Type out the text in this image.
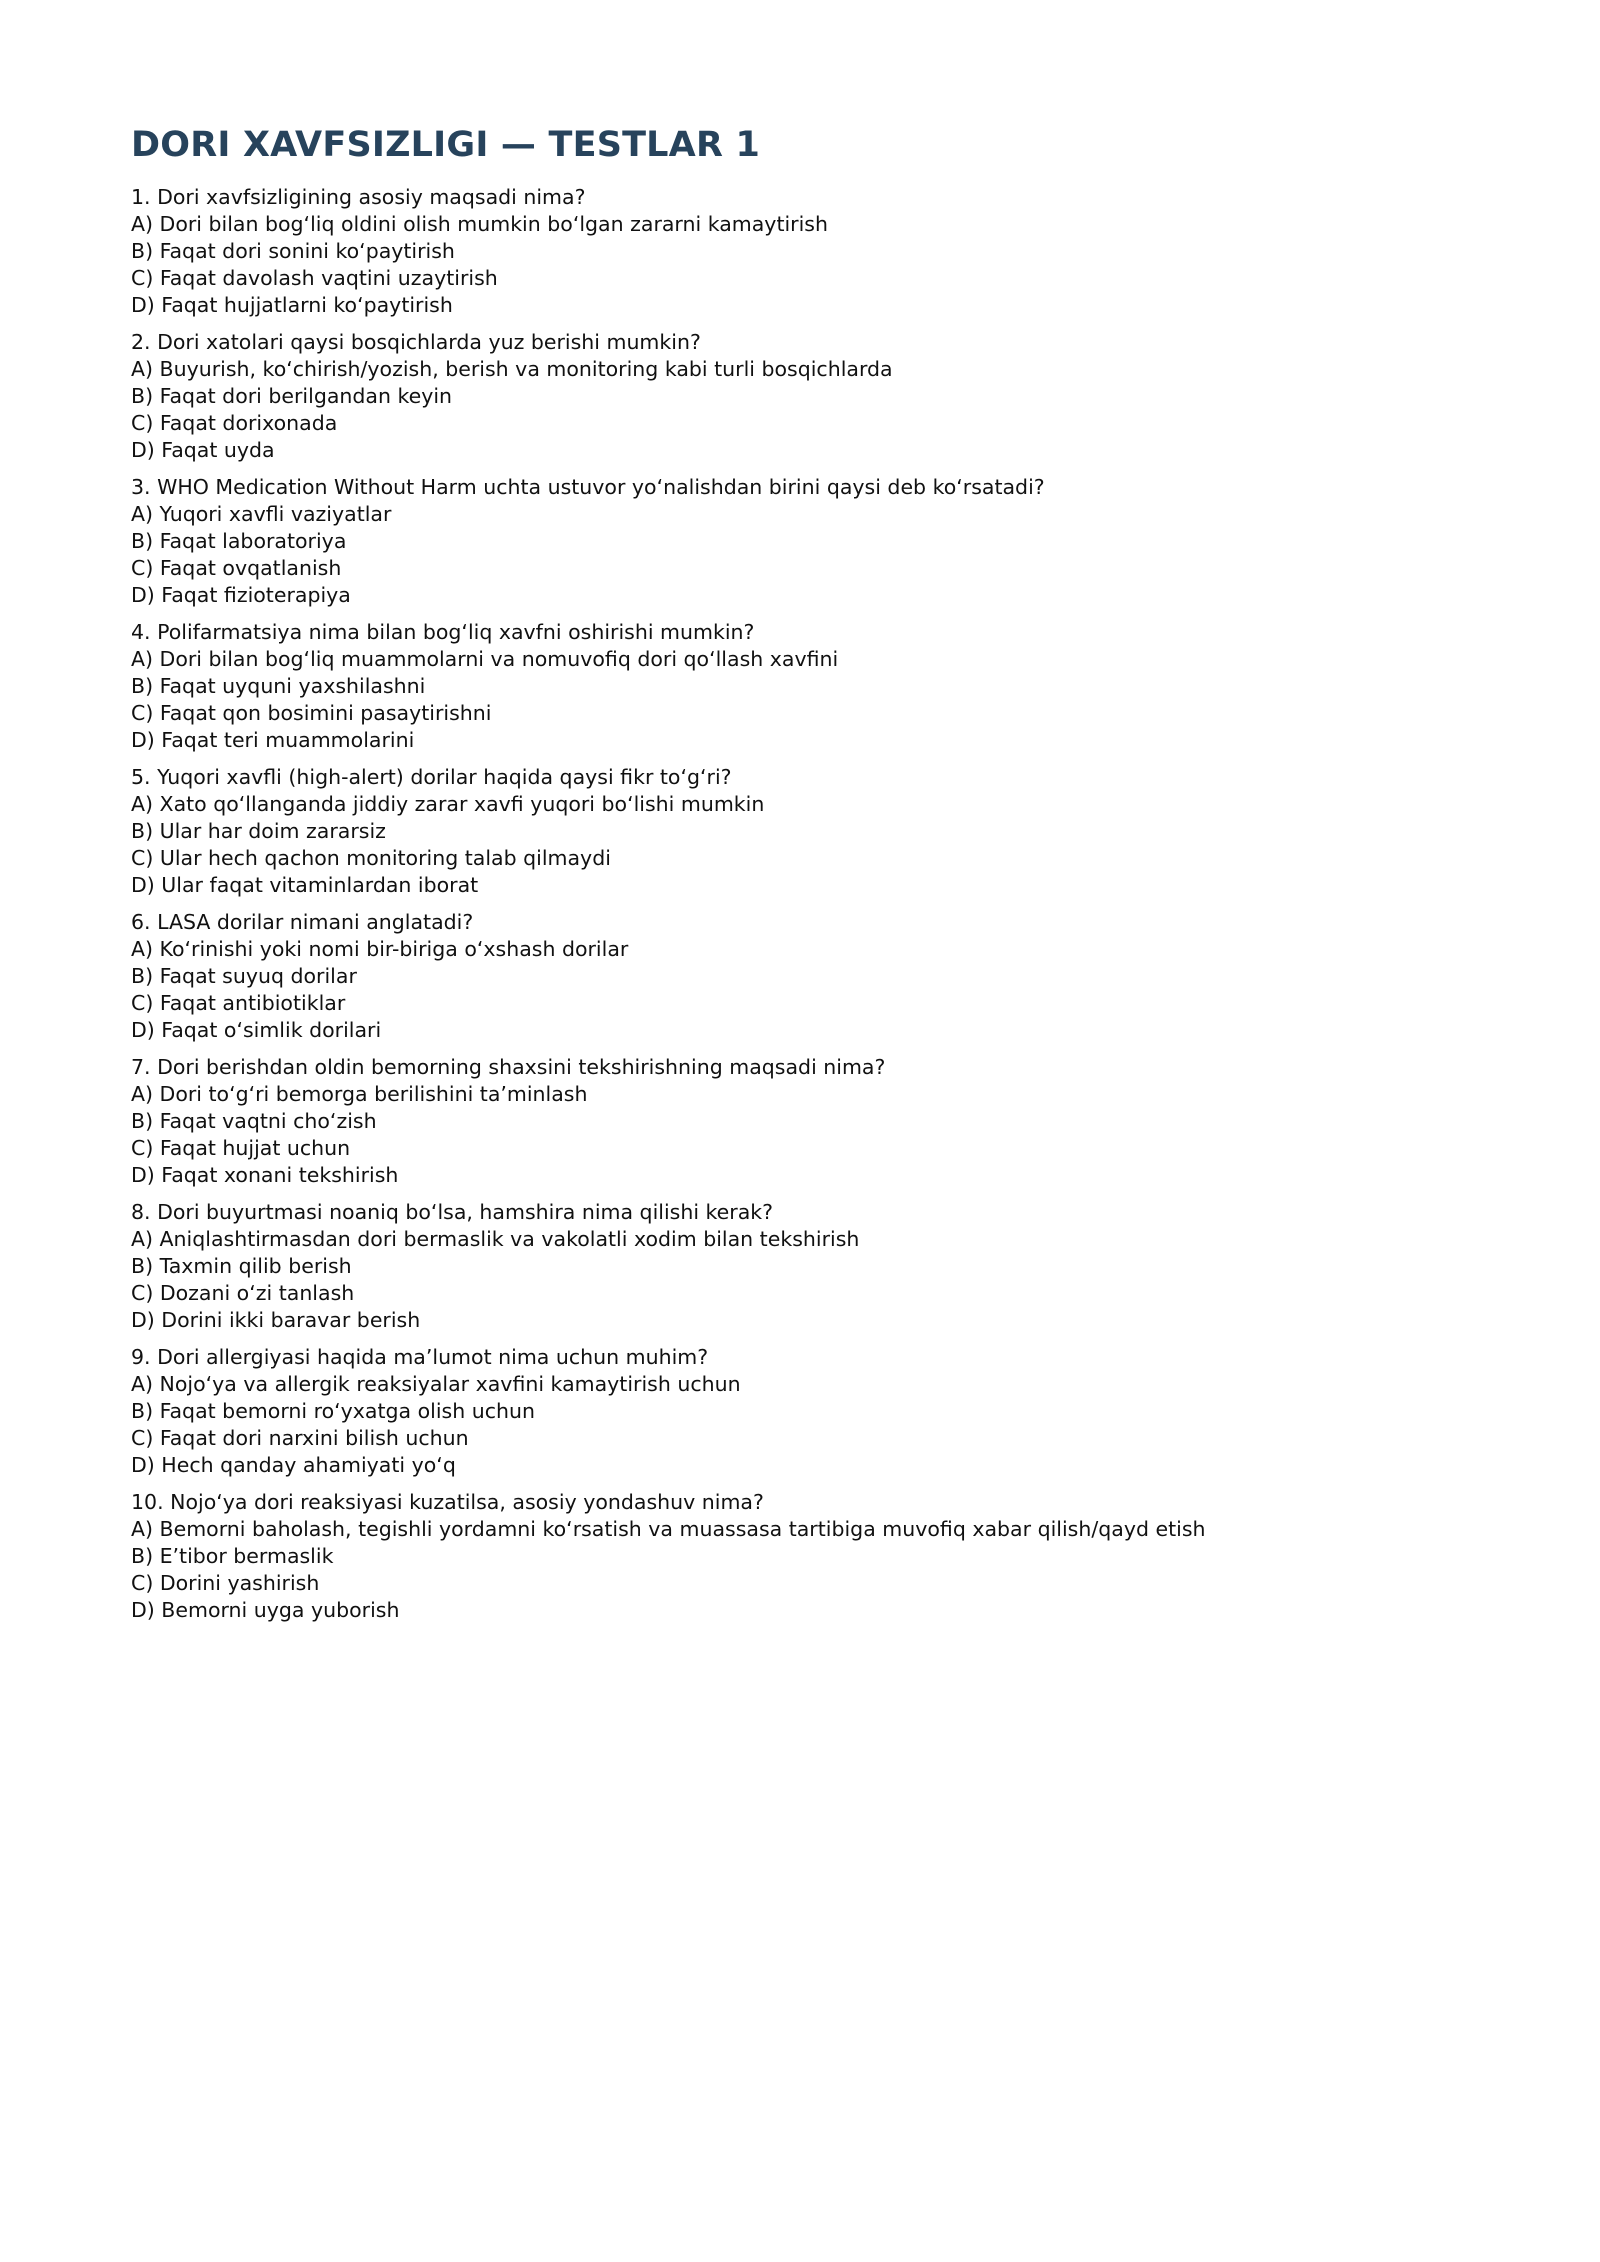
DORI XAVFSIZLIGI — TESTLAR 1
1. Dori xavfsizligining asosiy maqsadi nima?
A) Dori bilan bog‘liq oldini olish mumkin bo‘lgan zararni kamaytirish
B) Faqat dori sonini ko‘paytirish
C) Faqat davolash vaqtini uzaytirish
D) Faqat hujjatlarni ko‘paytirish
2. Dori xatolari qaysi bosqichlarda yuz berishi mumkin?
A) Buyurish, ko‘chirish/yozish, berish va monitoring kabi turli bosqichlarda
B) Faqat dori berilgandan keyin
C) Faqat dorixonada
D) Faqat uyda
3. WHO Medication Without Harm uchta ustuvor yo‘nalishdan birini qaysi deb ko‘rsatadi?
A) Yuqori xavfli vaziyatlar
B) Faqat laboratoriya
C) Faqat ovqatlanish
D) Faqat fizioterapiya
4. Polifarmatsiya nima bilan bog‘liq xavfni oshirishi mumkin?
A) Dori bilan bog‘liq muammolarni va nomuvofiq dori qo‘llash xavfini
B) Faqat uyquni yaxshilashni
C) Faqat qon bosimini pasaytirishni
D) Faqat teri muammolarini
5. Yuqori xavfli (high-alert) dorilar haqida qaysi fikr to‘g‘ri?
A) Xato qo‘llanganda jiddiy zarar xavfi yuqori bo‘lishi mumkin
B) Ular har doim zararsiz
C) Ular hech qachon monitoring talab qilmaydi
D) Ular faqat vitaminlardan iborat
6. LASA dorilar nimani anglatadi?
A) Ko‘rinishi yoki nomi bir-biriga o‘xshash dorilar
B) Faqat suyuq dorilar
C) Faqat antibiotiklar
D) Faqat o‘simlik dorilari
7. Dori berishdan oldin bemorning shaxsini tekshirishning maqsadi nima?
A) Dori to‘g‘ri bemorga berilishini ta’minlash
B) Faqat vaqtni cho‘zish
C) Faqat hujjat uchun
D) Faqat xonani tekshirish
8. Dori buyurtmasi noaniq bo‘lsa, hamshira nima qilishi kerak?
A) Aniqlashtirmasdan dori bermaslik va vakolatli xodim bilan tekshirish
B) Taxmin qilib berish
C) Dozani o‘zi tanlash
D) Dorini ikki baravar berish
9. Dori allergiyasi haqida ma’lumot nima uchun muhim?
A) Nojo‘ya va allergik reaksiyalar xavfini kamaytirish uchun
B) Faqat bemorni ro‘yxatga olish uchun
C) Faqat dori narxini bilish uchun
D) Hech qanday ahamiyati yo‘q
10. Nojo‘ya dori reaksiyasi kuzatilsa, asosiy yondashuv nima?
A) Bemorni baholash, tegishli yordamni ko‘rsatish va muassasa tartibiga muvofiq xabar qilish/qayd etish
B) E’tibor bermaslik
C) Dorini yashirish
D) Bemorni uyga yuborish
